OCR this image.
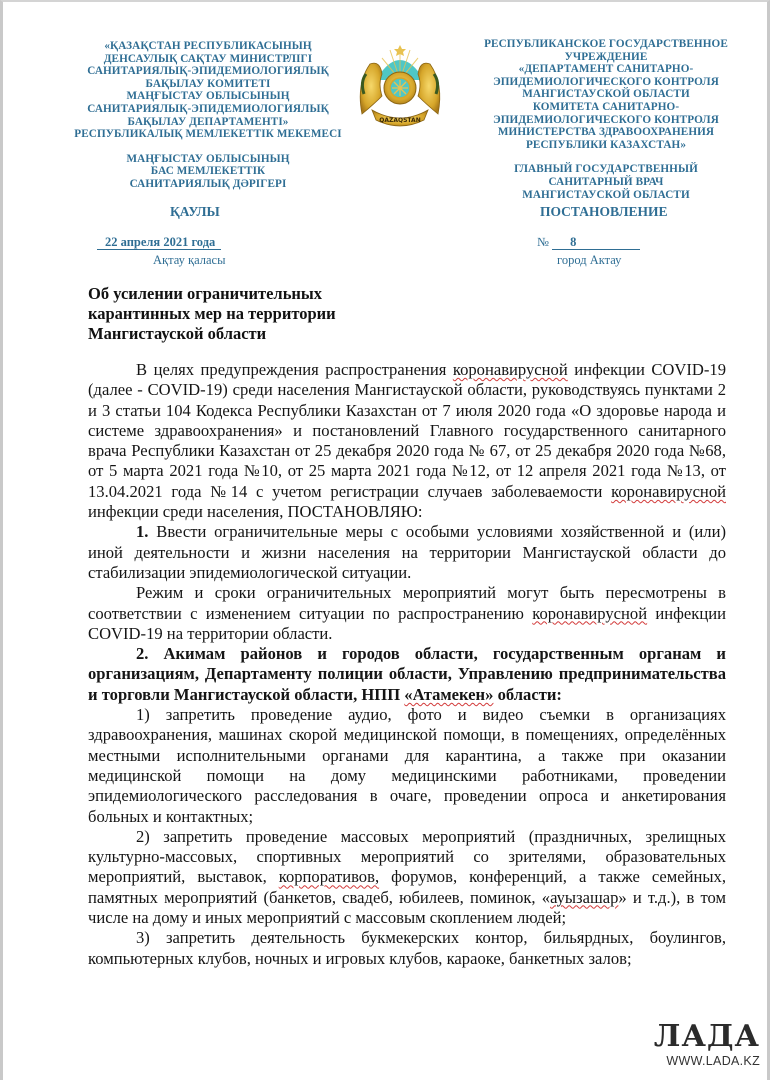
«ҚАЗАҚСТАН РЕСПУБЛИКАСЫНЫҢ
ДЕНСАУЛЫҚ САҚТАУ МИНИСТРЛІГІ
САНИТАРИЯЛЫҚ-ЭПИДЕМИОЛОГИЯЛЫҚ
БАҚЫЛАУ КОМИТЕТІ
МАҢҒЫСТАУ ОБЛЫСЫНЫҢ
САНИТАРИЯЛЫҚ-ЭПИДЕМИОЛОГИЯЛЫҚ
БАҚЫЛАУ ДЕПАРТАМЕНТІ»
РЕСПУБЛИКАЛЫҚ МЕМЛЕКЕТТІК МЕКЕМЕСІ
МАҢҒЫСТАУ ОБЛЫСЫНЫҢ
БАС МЕМЛЕКЕТТІК
САНИТАРИЯЛЫҚ ДӘРІГЕРІ
QAZAQSTAN
РЕСПУБЛИКАНСКОЕ ГОСУДАРСТВЕННОЕ
УЧРЕЖДЕНИЕ
«ДЕПАРТАМЕНТ САНИТАРНО-
ЭПИДЕМИОЛОГИЧЕСКОГО КОНТРОЛЯ
МАНГИСТАУСКОЙ ОБЛАСТИ
КОМИТЕТА САНИТАРНО-
ЭПИДЕМИОЛОГИЧЕСКОГО КОНТРОЛЯ
МИНИСТЕРСТВА ЗДРАВООХРАНЕНИЯ
РЕСПУБЛИКИ КАЗАХСТАН»
ГЛАВНЫЙ ГОСУДАРСТВЕННЫЙ
САНИТАРНЫЙ ВРАЧ
МАНГИСТАУСКОЙ ОБЛАСТИ
ҚАУЛЫ	ПОСТАНОВЛЕНИЕ
22 апреля 2021 года
Ақтау қаласы
№ 8
город Актау
Об усилении ограничительных
карантинных мер на территории
Мангистауской области

В целях предупреждения распространения коронавирусной инфекции COVID-19 (далее - COVID-19) среди населения Мангистауской области, руководствуясь пунктами 2 и 3 статьи 104 Кодекса Республики Казахстан от 7 июля 2020 года «О здоровье народа и системе здравоохранения» и постановлений Главного государственного санитарного врача Республики Казахстан от 25 декабря 2020 года № 67, от 25 декабря 2020 года №68, от 5 марта 2021 года №10, от 25 марта 2021 года №12, от 12 апреля 2021 года №13, от 13.04.2021 года №14 с учетом регистрации случаев заболеваемости коронавирусной инфекции среди населения, ПОСТАНОВЛЯЮ:

1. Ввести ограничительные меры с особыми условиями хозяйственной и (или) иной деятельности и жизни населения на территории Мангистауской области до стабилизации эпидемиологической ситуации.

Режим и сроки ограничительных мероприятий могут быть пересмотрены в соответствии с изменением ситуации по распространению коронавирусной инфекции COVID-19 на территории области.

2. Акимам районов и городов области, государственным органам и организациям, Департаменту полиции области, Управлению предпринимательства и торговли Мангистауской области, НПП «Атамекен» области:

1) запретить проведение аудио, фото и видео съемки в организациях здравоохранения, машинах скорой медицинской помощи, в помещениях, определённых местными исполнительными органами для карантина, а также при оказании медицинской помощи на дому медицинскими работниками, проведении эпидемиологического расследования в очаге, проведении опроса и анкетирования больных и контактных;

2) запретить проведение массовых мероприятий (праздничных, зрелищных культурно-массовых, спортивных мероприятий со зрителями, образовательных мероприятий, выставок, корпоративов, форумов, конференций, а также семейных, памятных мероприятий (банкетов, свадеб, юбилеев, поминок, «ауызашар» и т.д.), в том числе на дому и иных мероприятий с массовым скоплением людей;

3) запретить деятельность букмекерских контор, бильярдных, боулингов, компьютерных клубов, ночных и игровых клубов, караоке, банкетных залов;

ЛАДА
WWW.LADA.KZ
